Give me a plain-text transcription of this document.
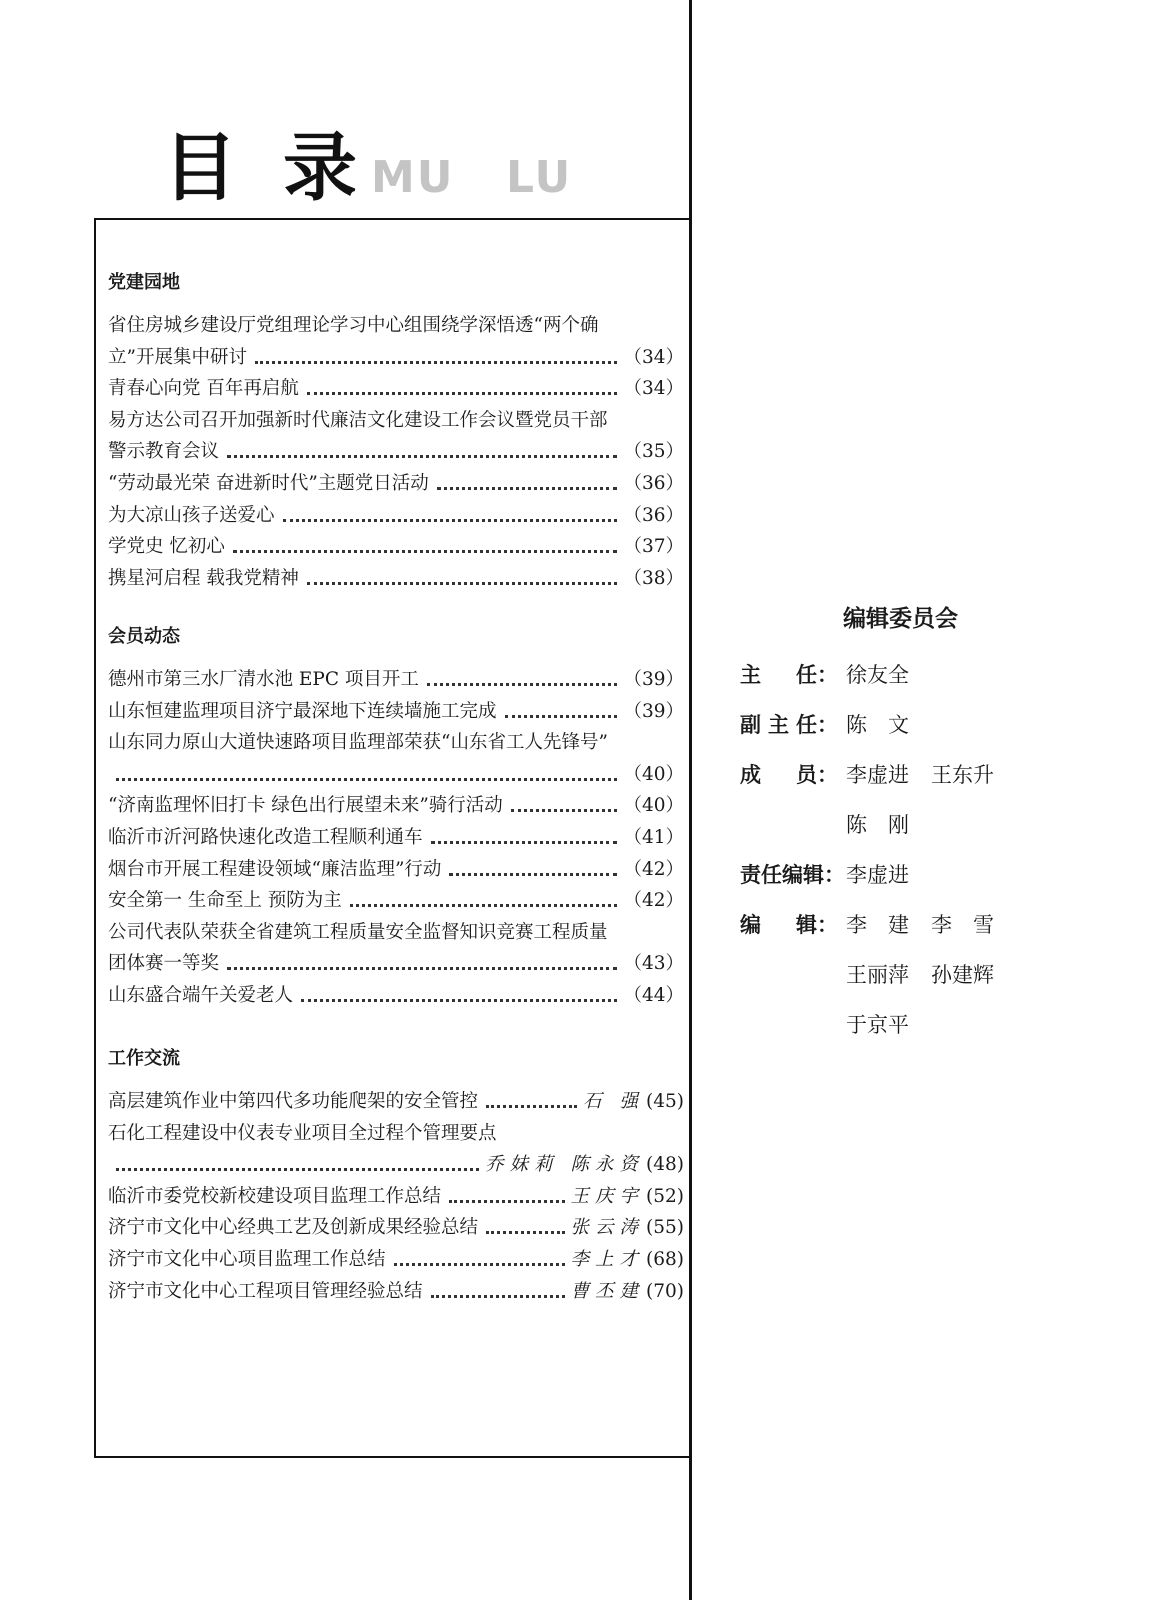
目 录 MU LU
党建园地
省住房城乡建设厅党组理论学习中心组围绕学深悟透“两个确
立”开展集中研讨	（34）
青春心向党 百年再启航	（34）
易方达公司召开加强新时代廉洁文化建设工作会议暨党员干部
警示教育会议	（35）
“劳动最光荣 奋进新时代”主题党日活动	（36）
为大凉山孩子送爱心	（36）
学党史 忆初心	（37）
携星河启程 载我党精神	（38）
会员动态
德州市第三水厂清水池 EPC 项目开工	（39）
山东恒建监理项目济宁最深地下连续墙施工完成	（39）
山东同力原山大道快速路项目监理部荣获“山东省工人先锋号”
（40）
“济南监理怀旧打卡 绿色出行展望未来”骑行活动	（40）
临沂市沂河路快速化改造工程顺利通车	（41）
烟台市开展工程建设领域“廉洁监理”行动	（42）
安全第一 生命至上 预防为主	（42）
公司代表队荣获全省建筑工程质量安全监督知识竞赛工程质量
团体赛一等奖	（43）
山东盛合端午关爱老人	（44）
工作交流
高层建筑作业中第四代多功能爬架的安全管控	石 强 (45)
石化工程建设中仪表专业项目全过程个管理要点
乔妹莉 陈永资 (48)
临沂市委党校新校建设项目监理工作总结	王庆宇 (52)
济宁市文化中心经典工艺及创新成果经验总结	张云涛 (55)
济宁市文化中心项目监理工作总结	李上才 (68)
济宁市文化中心工程项目管理经验总结	曹丕建 (70)
编辑委员会
主 任： 徐友全
副 主 任： 陈　文
成 员： 李虚进 王东升
陈　刚
责任编辑： 李虚进
编 辑： 李　建 李　雪
王丽萍 孙建辉
于京平
